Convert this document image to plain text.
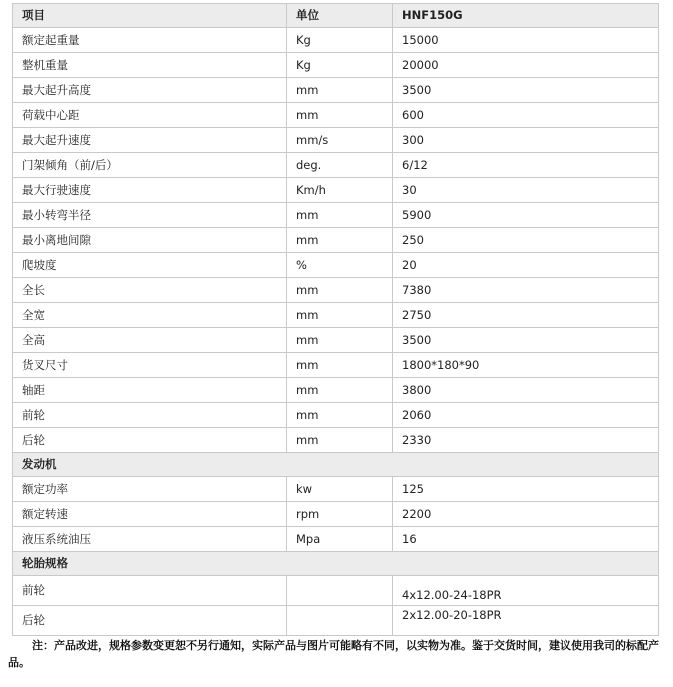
项目	单位	HNF150G
额定起重量	Kg	15000
整机重量	Kg	20000
最大起升高度	mm	3500
荷载中心距	mm	600
最大起升速度	mm/s	300
门架倾角（前/后）	deg.	6/12
最大行驶速度	Km/h	30
最小转弯半径	mm	5900
最小离地间隙	mm	250
爬坡度	%	20
全长	mm	7380
全宽	mm	2750
全高	mm	3500
货叉尺寸	mm	1800*180*90
轴距	mm	3800
前轮	mm	2060
后轮	mm	2330
发动机		
额定功率	kw	125
额定转速	rpm	2200
液压系统油压	Mpa	16
轮胎规格		
前轮		4x12.00-24-18PR
后轮		2x12.00-20-18PR
注：产品改进，规格参数变更恕不另行通知，实际产品与图片可能略有不同，以实物为准。鉴于交货时间，建议使用我司的标配产品。
